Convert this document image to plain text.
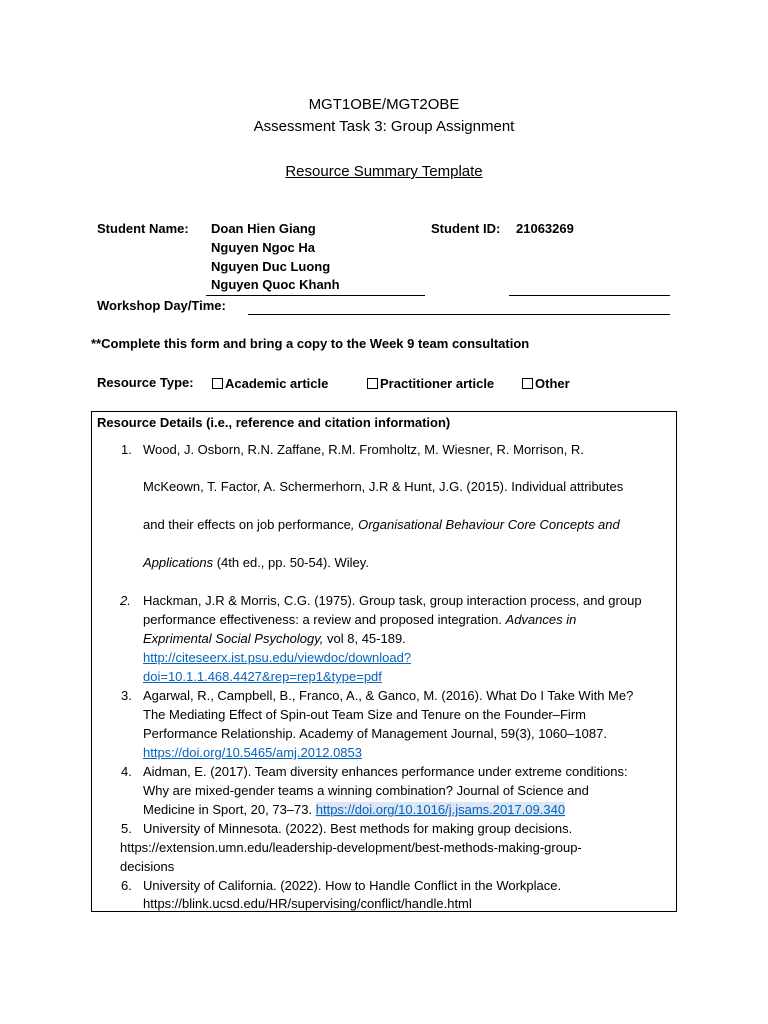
MGT1OBE/MGT2OBE
Assessment Task 3: Group Assignment
Resource Summary Template
Student Name: Doan Hien Giang
Nguyen Ngoc Ha
Nguyen Duc Luong
Nguyen Quoc Khanh
Student ID: 21063269
Workshop Day/Time:
**Complete this form and bring a copy to the Week 9 team consultation
Resource Type:	Academic article	Practitioner article	Other
Resource Details (i.e., reference and citation information)
1. Wood, J. Osborn, R.N. Zaffane, R.M. Fromholtz, M. Wiesner, R. Morrison, R.
McKeown, T. Factor, A. Schermerhorn, J.R & Hunt, J.G. (2015). Individual attributes
and their effects on job performance, Organisational Behaviour Core Concepts and
Applications (4th ed., pp. 50-54). Wiley.
2. Hackman, J.R & Morris, C.G. (1975). Group task, group interaction process, and group
performance effectiveness: a review and proposed integration. Advances in
Exprimental Social Psychology, vol 8, 45-189.
http://citeseerx.ist.psu.edu/viewdoc/download?
doi=10.1.1.468.4427&rep=rep1&type=pdf
3. Agarwal, R., Campbell, B., Franco, A., & Ganco, M. (2016). What Do I Take With Me?
The Mediating Effect of Spin-out Team Size and Tenure on the Founder–Firm
Performance Relationship. Academy of Management Journal, 59(3), 1060–1087.
https://doi.org/10.5465/amj.2012.0853
4. Aidman, E. (2017). Team diversity enhances performance under extreme conditions:
Why are mixed-gender teams a winning combination? Journal of Science and
Medicine in Sport, 20, 73–73. https://doi.org/10.1016/j.jsams.2017.09.340
5. University of Minnesota. (2022). Best methods for making group decisions.
https://extension.umn.edu/leadership-development/best-methods-making-group-
decisions
6. University of California. (2022). How to Handle Conflict in the Workplace.
https://blink.ucsd.edu/HR/supervising/conflict/handle.html
